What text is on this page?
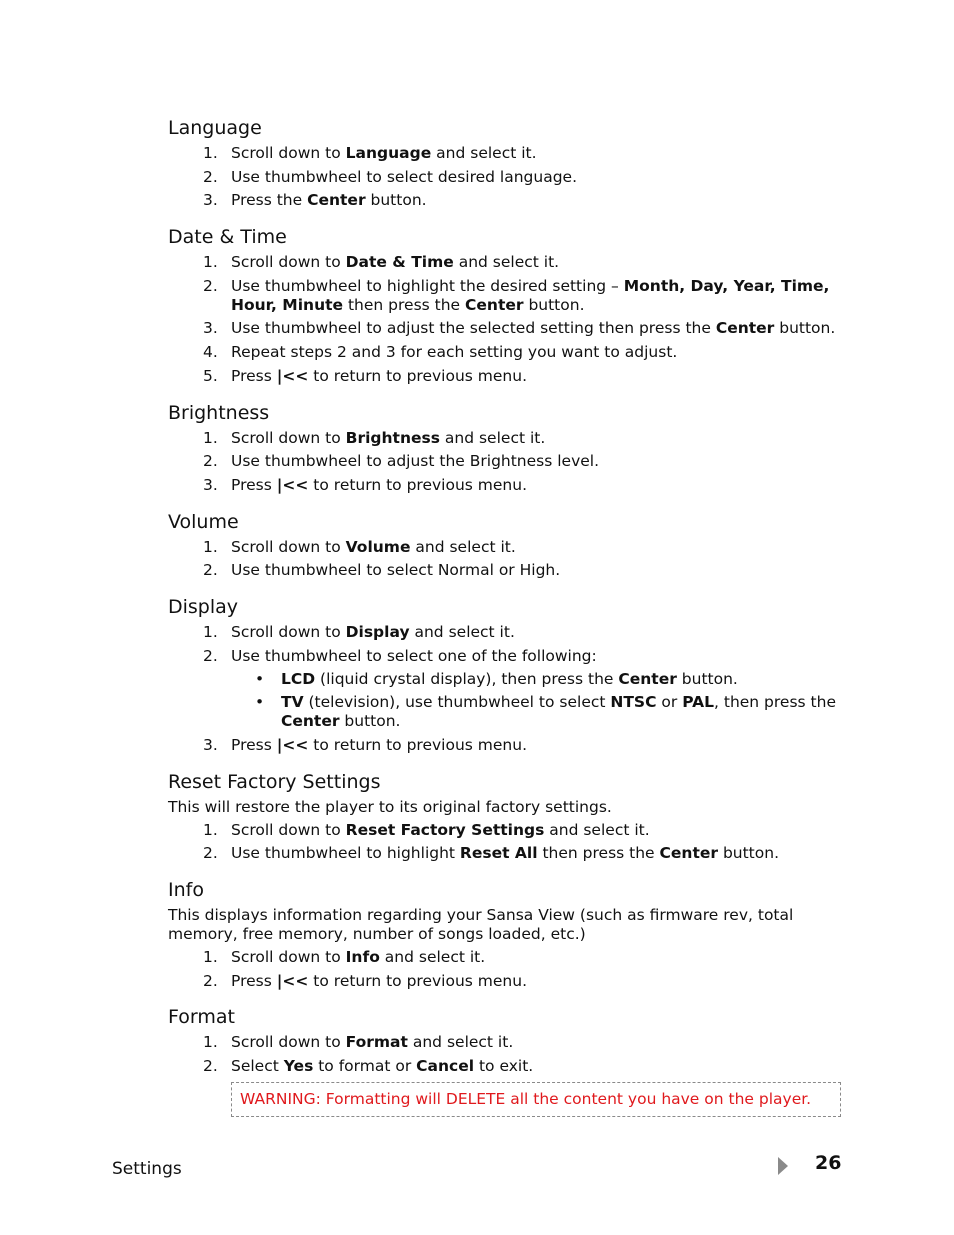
Language
1. Scroll down to Language and select it.
2. Use thumbwheel to select desired language.
3. Press the Center button.
Date & Time
1. Scroll down to Date & Time and select it.
2. Use thumbwheel to highlight the desired setting – Month, Day, Year, Time, Hour, Minute then press the Center button.
3. Use thumbwheel to adjust the selected setting then press the Center button.
4. Repeat steps 2 and 3 for each setting you want to adjust.
5. Press |<< to return to previous menu.
Brightness
1. Scroll down to Brightness and select it.
2. Use thumbwheel to adjust the Brightness level.
3. Press |<< to return to previous menu.
Volume
1. Scroll down to Volume and select it.
2. Use thumbwheel to select Normal or High.
Display
1. Scroll down to Display and select it.
2. Use thumbwheel to select one of the following:
• LCD (liquid crystal display), then press the Center button.
• TV (television), use thumbwheel to select NTSC or PAL, then press the Center button.
3. Press |<< to return to previous menu.
Reset Factory Settings
This will restore the player to its original factory settings.
1. Scroll down to Reset Factory Settings and select it.
2. Use thumbwheel to highlight Reset All then press the Center button.
Info
This displays information regarding your Sansa View (such as firmware rev, total memory, free memory, number of songs loaded, etc.)
1. Scroll down to Info and select it.
2. Press |<< to return to previous menu.
Format
1. Scroll down to Format and select it.
2. Select Yes to format or Cancel to exit.
WARNING: Formatting will DELETE all the content you have on the player.
Settings	26
